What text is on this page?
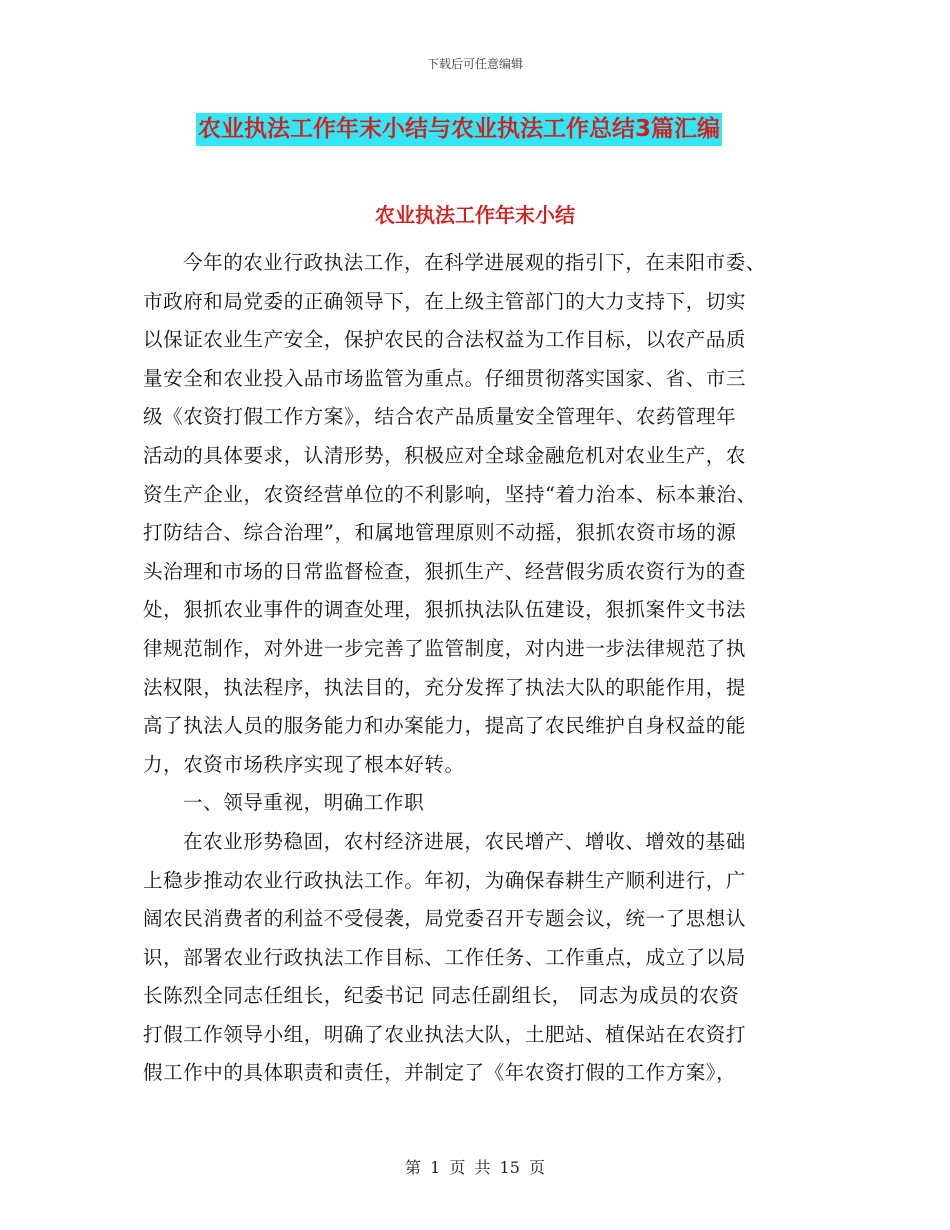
下载后可任意编辑
农业执法工作年末小结与农业执法工作总结3篇汇编
农业执法工作年末小结
今年的农业行政执法工作，在科学进展观的指引下，在耒阳市委、
市政府和局党委的正确领导下，在上级主管部门的大力支持下，切实
以保证农业生产安全，保护农民的合法权益为工作目标，以农产品质
量安全和农业投入品市场监管为重点。仔细贯彻落实国家、省、市三
级《农资打假工作方案》，结合农产品质量安全管理年、农药管理年
活动的具体要求，认清形势，积极应对全球金融危机对农业生产，农
资生产企业，农资经营单位的不利影响，坚持“着力治本、标本兼治、
打防结合、综合治理”，和属地管理原则不动摇，狠抓农资市场的源
头治理和市场的日常监督检查，狠抓生产、经营假劣质农资行为的查
处，狠抓农业事件的调查处理，狠抓执法队伍建设，狠抓案件文书法
律规范制作，对外进一步完善了监管制度，对内进一步法律规范了执
法权限，执法程序，执法目的，充分发挥了执法大队的职能作用，提
高了执法人员的服务能力和办案能力，提高了农民维护自身权益的能
力，农资市场秩序实现了根本好转。
一、领导重视，明确工作职
在农业形势稳固，农村经济进展，农民增产、增收、增效的基础
上稳步推动农业行政执法工作。年初，为确保春耕生产顺利进行，广
阔农民消费者的利益不受侵袭，局党委召开专题会议，统一了思想认
识，部署农业行政执法工作目标、工作任务、工作重点，成立了以局
长陈烈全同志任组长，纪委书记 同志任副组长， 同志为成员的农资
打假工作领导小组，明确了农业执法大队，土肥站、植保站在农资打
假工作中的具体职责和责任，并制定了《年农资打假的工作方案》，
第 1 页 共 15 页
